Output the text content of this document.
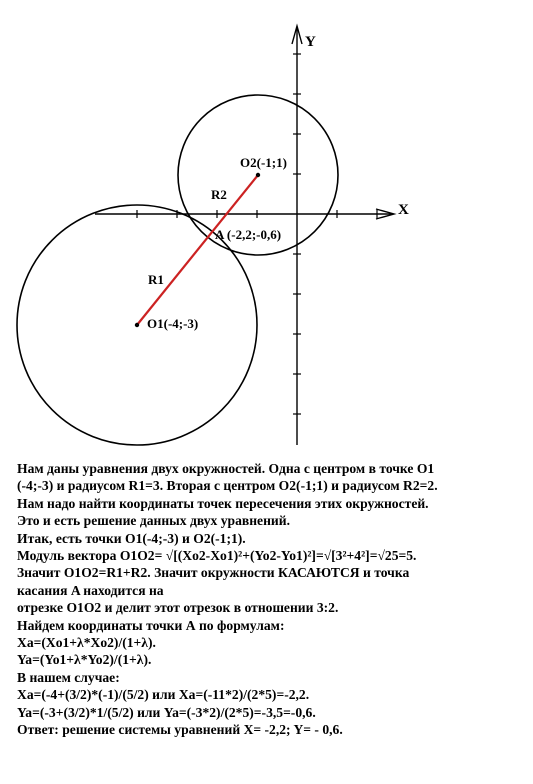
X
Y
O2(-1;1)
R2
A (-2,2;-0,6)
R1
O1(-4;-3)
Нам даны уравнения двух окружностей. Одна с центром в точке O1
(-4;-3) и радиусом R1=3. Вторая с центром O2(-1;1) и радиусом R2=2.
Нам надо найти координаты точек пересечения этих окружностей.
Это и есть решение данных двух уравнений.
Итак, есть точки O1(-4;-3) и O2(-1;1).
Модуль вектора O1O2= √[(Xo2-Xo1)²+(Yo2-Yo1)²]=√[3²+4²]=√25=5.
Значит O1O2=R1+R2. Значит окружности КАСАЮТСЯ и точка
касания A находится на
отрезке O1O2 и делит этот отрезок в отношении 3:2.
Найдем координаты точки А по формулам:
Xa=(Xo1+λ*Xo2)/(1+λ).
Ya=(Yo1+λ*Yo2)/(1+λ).
В нашем случае:
Xa=(-4+(3/2)*(-1)/(5/2) или Xa=(-11*2)/(2*5)=-2,2.
Ya=(-3+(3/2)*1/(5/2) или Ya=(-3*2)/(2*5)=-3,5=-0,6.
Ответ: решение системы уравнений X= -2,2; Y= - 0,6.
